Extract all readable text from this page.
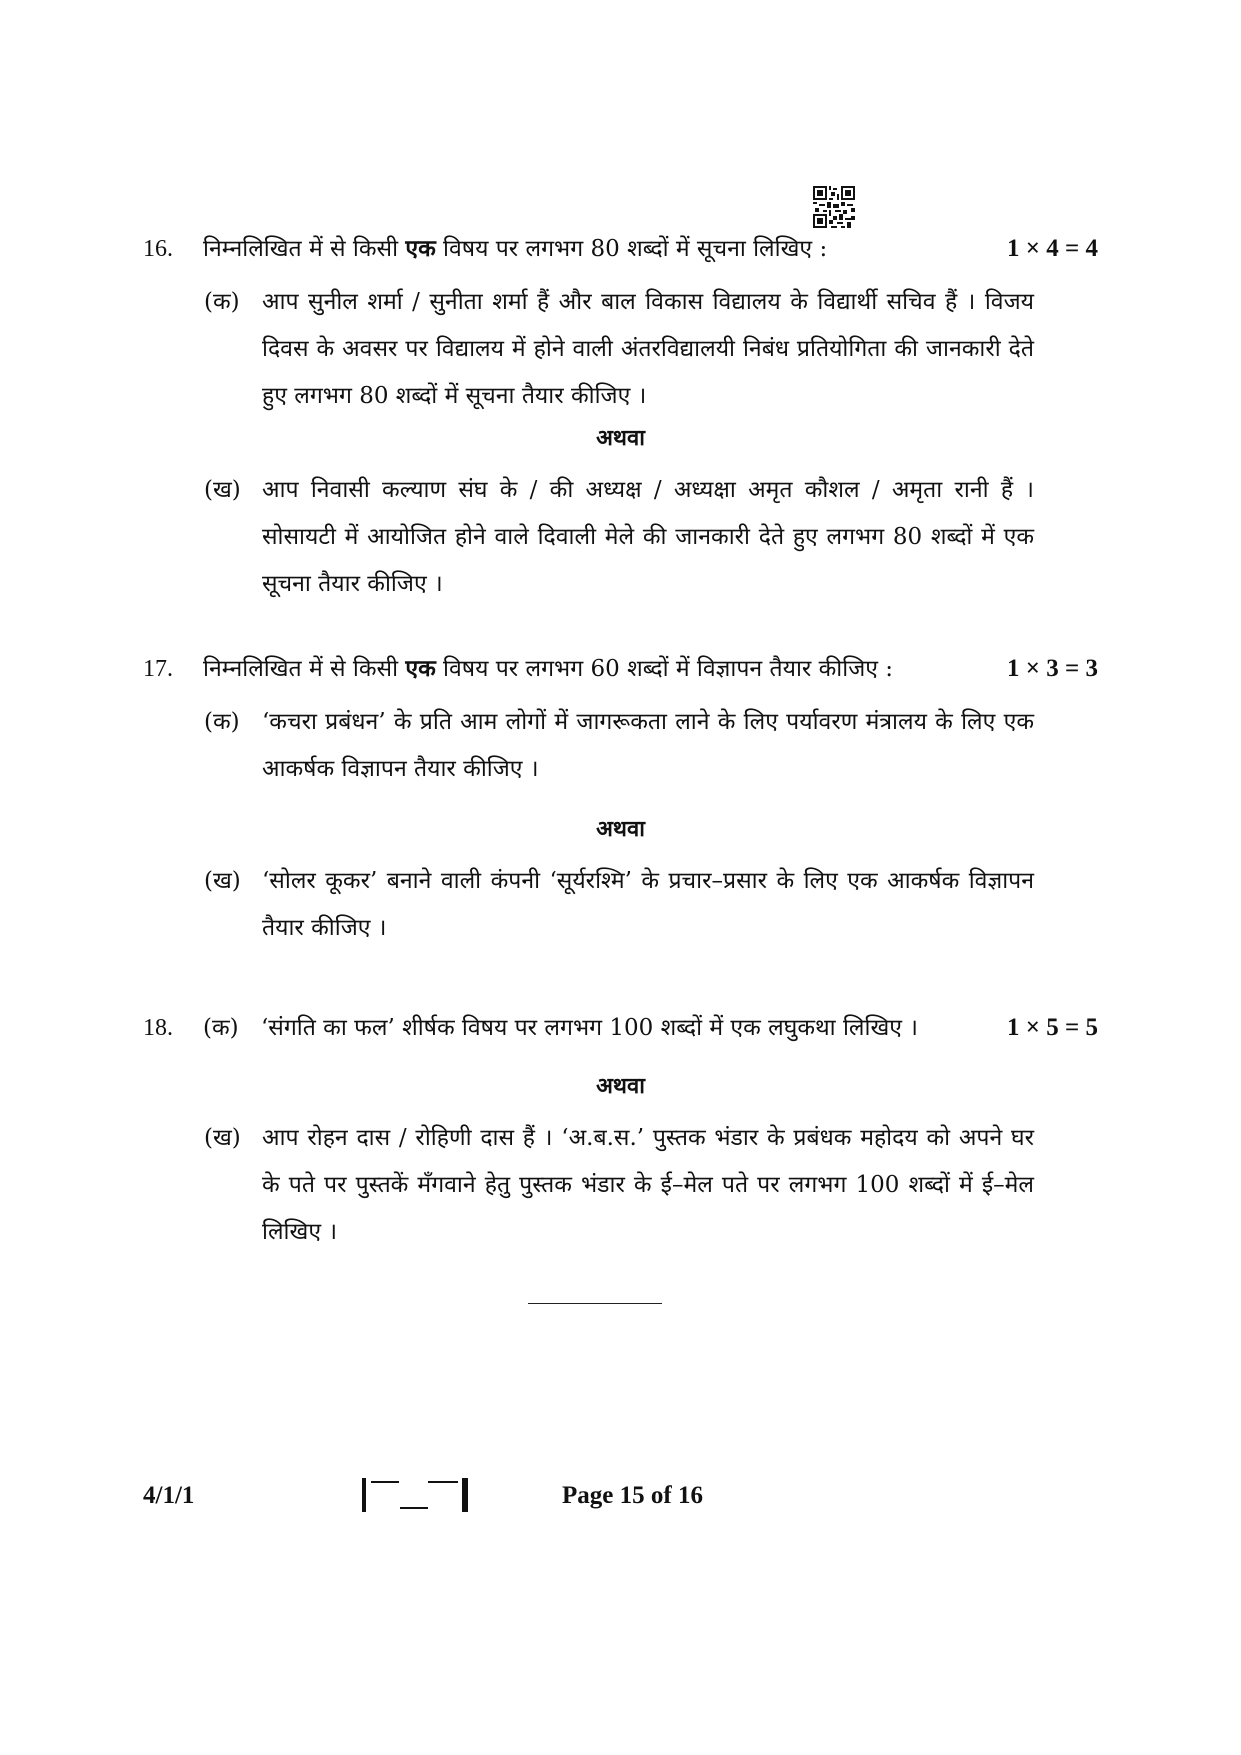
16. निम्नलिखित में से किसी एक विषय पर लगभग 80 शब्दों में सूचना लिखिए :	1 × 4 = 4
(क) आप सुनील शर्मा / सुनीता शर्मा हैं और बाल विकास विद्यालय के विद्यार्थी सचिव हैं । विजय दिवस के अवसर पर विद्यालय में होने वाली अंतरविद्यालयी निबंध प्रतियोगिता की जानकारी देते हुए लगभग 80 शब्दों में सूचना तैयार कीजिए ।
अथवा
(ख) आप निवासी कल्याण संघ के / की अध्यक्ष / अध्यक्षा अमृत कौशल / अमृता रानी हैं । सोसायटी में आयोजित होने वाले दिवाली मेले की जानकारी देते हुए लगभग 80 शब्दों में एक सूचना तैयार कीजिए ।
17. निम्नलिखित में से किसी एक विषय पर लगभग 60 शब्दों में विज्ञापन तैयार कीजिए :	1 × 3 = 3
(क) ‘कचरा प्रबंधन’ के प्रति आम लोगों में जागरूकता लाने के लिए पर्यावरण मंत्रालय के लिए एक आकर्षक विज्ञापन तैयार कीजिए ।
अथवा
(ख) ‘सोलर कूकर’ बनाने वाली कंपनी ‘सूर्यरश्मि’ के प्रचार–प्रसार के लिए एक आकर्षक विज्ञापन तैयार कीजिए ।
18. (क) ‘संगति का फल’ शीर्षक विषय पर लगभग 100 शब्दों में एक लघुकथा लिखिए ।	1 × 5 = 5
अथवा
(ख) आप रोहन दास / रोहिणी दास हैं । ‘अ.ब.स.’ पुस्तक भंडार के प्रबंधक महोदय को अपने घर के पते पर पुस्तकें मँगवाने हेतु पुस्तक भंडार के ई–मेल पते पर लगभग 100 शब्दों में ई–मेल लिखिए ।
4/1/1	Page 15 of 16
